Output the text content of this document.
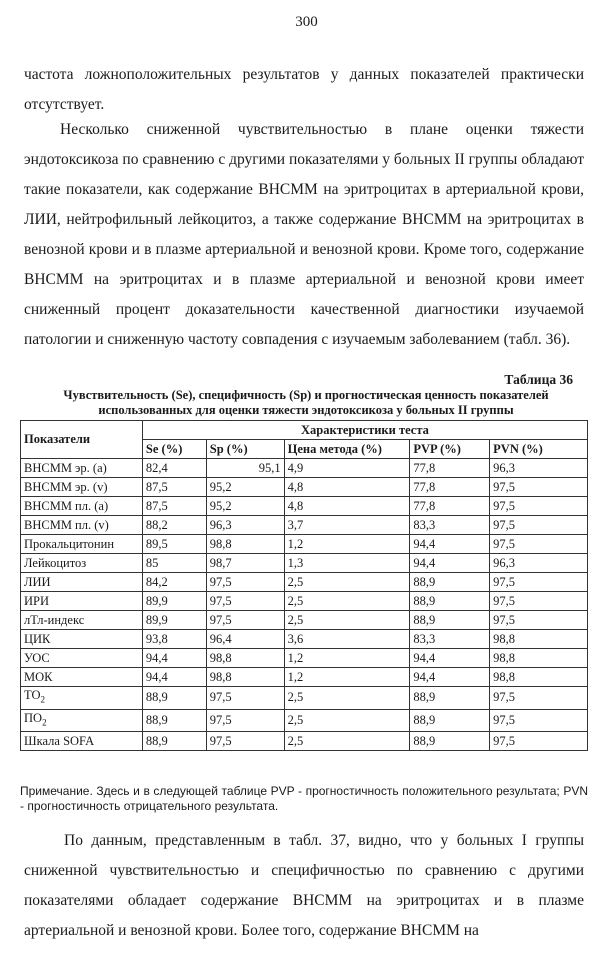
300

частота ложноположительных результатов у данных показателей практически отсутствует.

Несколько сниженной чувствительностью в плане оценки тяжести эндотоксикоза по сравнению с другими показателями у больных II группы обладают такие показатели, как содержание ВНСММ на эритроцитах в артериальной крови, ЛИИ, нейтрофильный лейкоцитоз, а также содержание ВНСММ на эритроцитах в венозной крови и в плазме артериальной и венозной крови. Кроме того, содержание ВНСММ на эритроцитах и в плазме артериальной и венозной крови имеет сниженный процент доказательности качественной диагностики изучаемой патологии и сниженную частоту совпадения с изучаемым заболеванием (табл. 36).

Таблица 36
Чувствительность (Se), специфичность (Sp) и прогностическая ценность показателей использованных для оценки тяжести эндотоксикоза у больных II группы
Показатели	Характеристики теста				
	Se (%)	Sp (%)	Цена метода (%)	PVP (%)	PVN (%)
ВНСММ эр. (а)	82,4	95,1	4,9	77,8	96,3
ВНСММ эр. (v)	87,5	95,2	4,8	77,8	97,5
ВНСММ пл. (а)	87,5	95,2	4,8	77,8	97,5
ВНСММ пл. (v)	88,2	96,3	3,7	83,3	97,5
Прокальцитонин	89,5	98,8	1,2	94,4	97,5
Лейкоцитоз	85	98,7	1,3	94,4	96,3
ЛИИ	84,2	97,5	2,5	88,9	97,5
ИРИ	89,9	97,5	2,5	88,9	97,5
лТл-индекс	89,9	97,5	2,5	88,9	97,5
ЦИК	93,8	96,4	3,6	83,3	98,8
УОС	94,4	98,8	1,2	94,4	98,8
МОК	94,4	98,8	1,2	94,4	98,8
$ТО_2$	88,9	97,5	2,5	88,9	97,5
$ПО_2$	88,9	97,5	2,5	88,9	97,5
Шкала SOFA	88,9	97,5	2,5	88,9	97,5
Примечание. Здесь и в следующей таблице PVP - прогностичность положительного результата; PVN - прогностичность отрицательного результата.

По данным, представленным в табл. 37, видно, что у больных I группы сниженной чувствительностью и специфичностью по сравнению с другими показателями обладает содержание ВНСММ на эритроцитах и в плазме артериальной и венозной крови. Более того, содержание ВНСММ на
